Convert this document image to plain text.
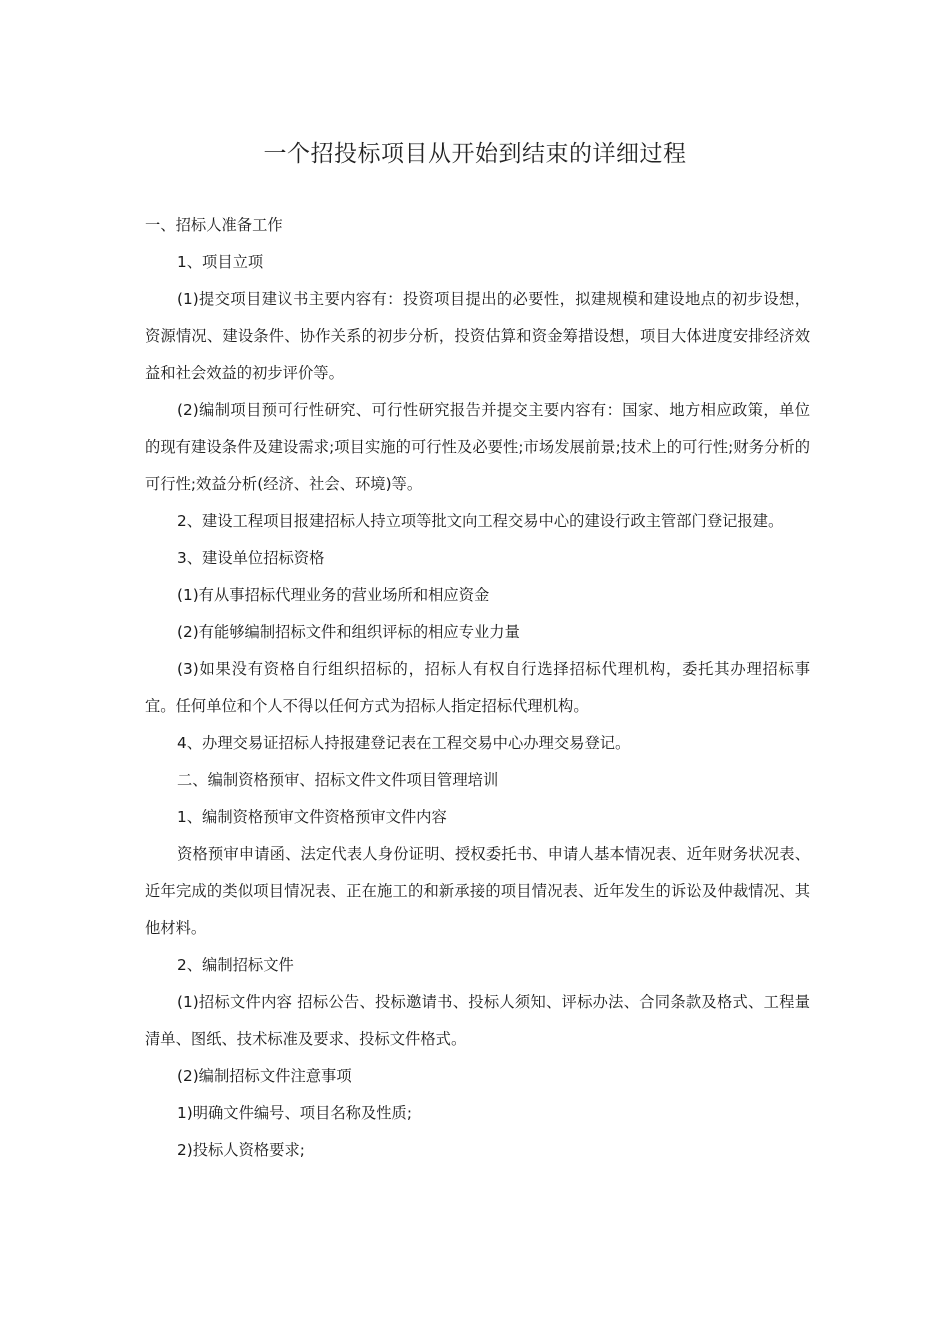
一个招投标项目从开始到结束的详细过程

一、招标人准备工作

1、项目立项

(1)提交项目建议书主要内容有：投资项目提出的必要性，拟建规模和建设地点的初步设想，资源情况、建设条件、协作关系的初步分析，投资估算和资金筹措设想，项目大体进度安排经济效益和社会效益的初步评价等。

(2)编制项目预可行性研究、可行性研究报告并提交主要内容有：国家、地方相应政策，单位的现有建设条件及建设需求;项目实施的可行性及必要性;市场发展前景;技术上的可行性;财务分析的可行性;效益分析(经济、社会、环境)等。

2、建设工程项目报建招标人持立项等批文向工程交易中心的建设行政主管部门登记报建。

3、建设单位招标资格

(1)有从事招标代理业务的营业场所和相应资金

(2)有能够编制招标文件和组织评标的相应专业力量

(3)如果没有资格自行组织招标的，招标人有权自行选择招标代理机构，委托其办理招标事宜。任何单位和个人不得以任何方式为招标人指定招标代理机构。

4、办理交易证招标人持报建登记表在工程交易中心办理交易登记。

二、编制资格预审、招标文件文件项目管理培训

1、编制资格预审文件资格预审文件内容

资格预审申请函、法定代表人身份证明、授权委托书、申请人基本情况表、近年财务状况表、近年完成的类似项目情况表、正在施工的和新承接的项目情况表、近年发生的诉讼及仲裁情况、其他材料。

2、编制招标文件

(1)招标文件内容 招标公告、投标邀请书、投标人须知、评标办法、合同条款及格式、工程量清单、图纸、技术标准及要求、投标文件格式。

(2)编制招标文件注意事项

1)明确文件编号、项目名称及性质;

2)投标人资格要求;
